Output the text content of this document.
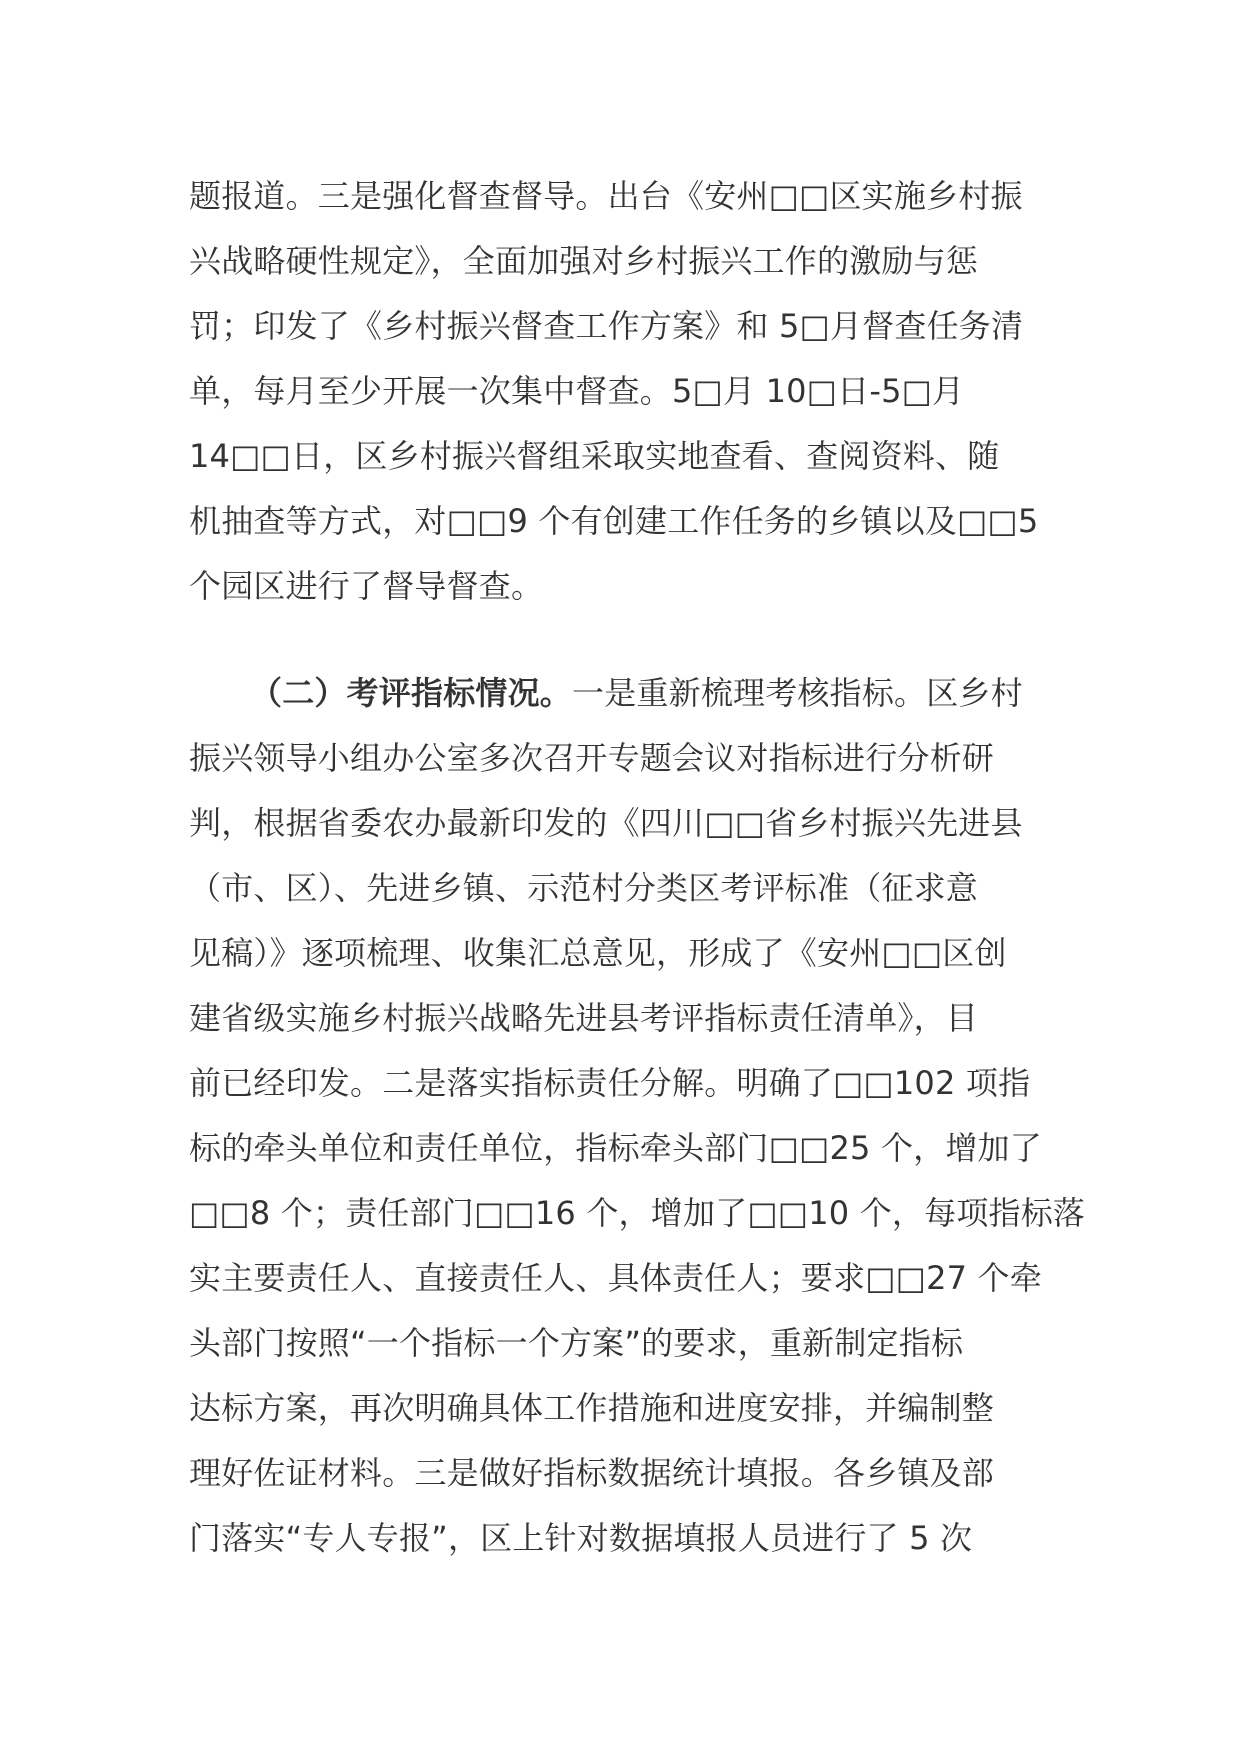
题报道。三是强化督查督导。出台《安州□□区实施乡村振
兴战略硬性规定》，全面加强对乡村振兴工作的激励与惩
罚；印发了《乡村振兴督查工作方案》和 5□月督查任务清
单，每月至少开展一次集中督查。5□月 10□日-5□月
14□□日，区乡村振兴督组采取实地查看、查阅资料、随
机抽查等方式，对□□9 个有创建工作任务的乡镇以及□□5
个园区进行了督导督查。
（二）考评指标情况。一是重新梳理考核指标。区乡村
振兴领导小组办公室多次召开专题会议对指标进行分析研
判，根据省委农办最新印发的《四川□□省乡村振兴先进县
（市、区）、先进乡镇、示范村分类区考评标准（征求意
见稿）》逐项梳理、收集汇总意见，形成了《安州□□区创
建省级实施乡村振兴战略先进县考评指标责任清单》，目
前已经印发。二是落实指标责任分解。明确了□□102 项指
标的牵头单位和责任单位，指标牵头部门□□25 个，增加了
□□8 个；责任部门□□16 个，增加了□□10 个，每项指标落
实主要责任人、直接责任人、具体责任人；要求□□27 个牵
头部门按照“一个指标一个方案”的要求，重新制定指标
达标方案，再次明确具体工作措施和进度安排，并编制整
理好佐证材料。三是做好指标数据统计填报。各乡镇及部
门落实“专人专报”，区上针对数据填报人员进行了 5 次
